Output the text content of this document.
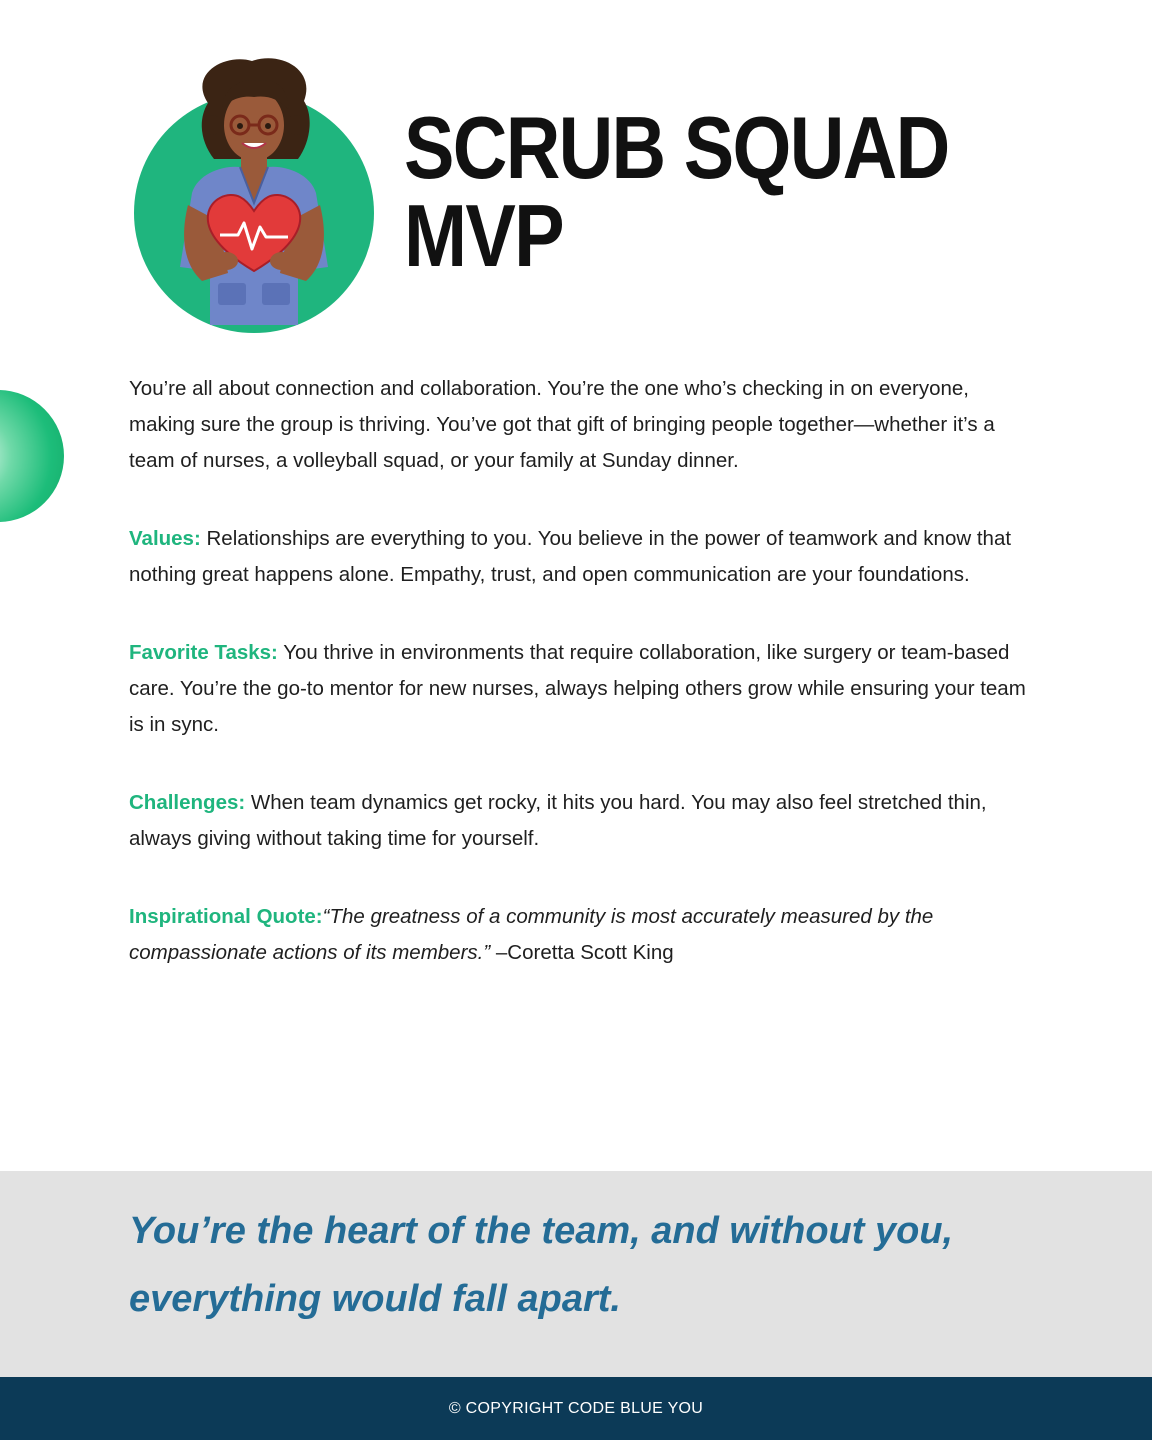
SCRUB SQUAD
MVP

You’re all about connection and collaboration. You’re the one who’s checking in on everyone, making sure the group is thriving. You’ve got that gift of bringing people together—whether it’s a team of nurses, a volleyball squad, or your family at Sunday dinner.

Values: Relationships are everything to you. You believe in the power of teamwork and know that nothing great happens alone. Empathy, trust, and open communication are your foundations.

Favorite Tasks: You thrive in environments that require collaboration, like surgery or team-based care. You’re the go-to mentor for new nurses, always helping others grow while ensuring your team is in sync.

Challenges: When team dynamics get rocky, it hits you hard. You may also feel stretched thin, always giving without taking time for yourself.

Inspirational Quote:“The greatness of a community is most accurately measured by the compassionate actions of its members.” –Coretta Scott King

You’re the heart of the team, and without you, everything would fall apart.

© COPYRIGHT CODE BLUE YOU
